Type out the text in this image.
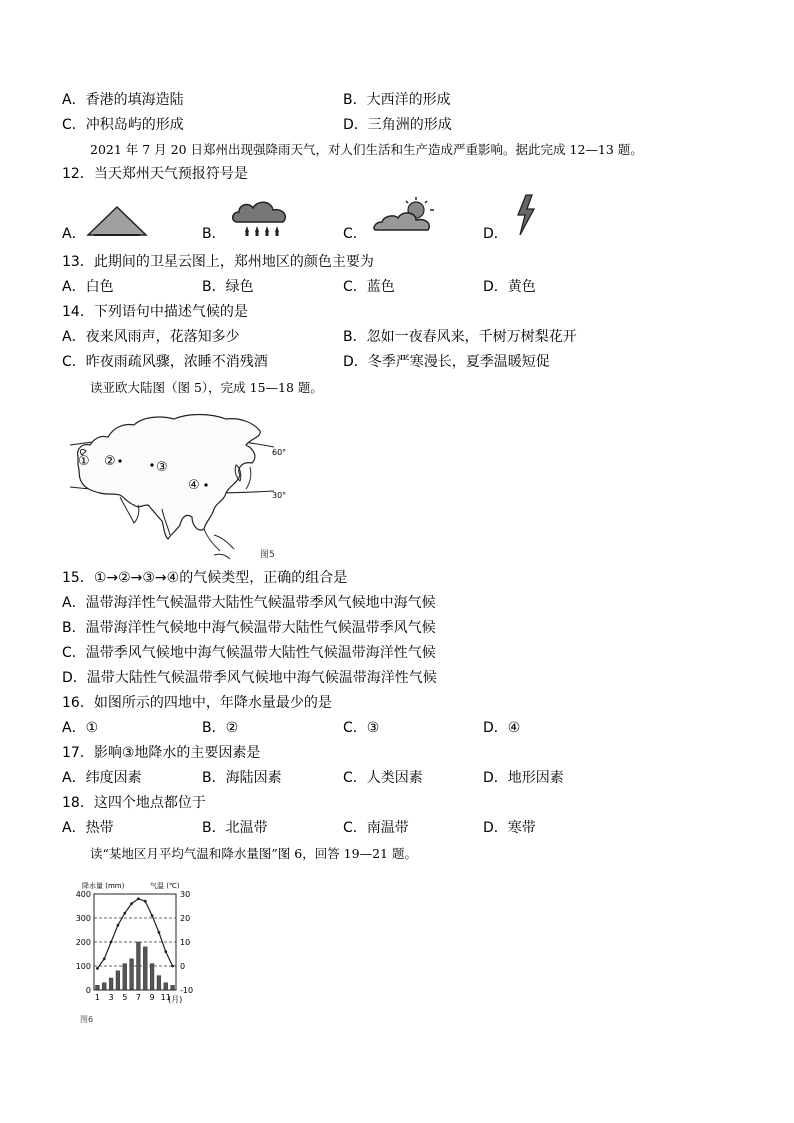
A．香港的填海造陆	B．大西洋的形成
C．冲积岛屿的形成	D．三角洲的形成
2021 年 7 月 20 日郑州出现强降雨天气，对人们生活和生产造成严重影响。据此完成 12—13 题。
12．当天郑州天气预报符号是
A．	B．	C．	D．
13．此期间的卫星云图上，郑州地区的颜色主要为
A．白色	B．绿色	C．蓝色	D．黄色
14．下列语句中描述气候的是
A．夜来风雨声，花落知多少	B．忽如一夜春风来，千树万树梨花开
C．昨夜雨疏风骤，浓睡不消残酒	D．冬季严寒漫长，夏季温暖短促
读亚欧大陆图（图 5），完成 15—18 题。
60°
30°
① ②	③
④
图5
15．①→②→③→④的气候类型，正确的组合是
A．温带海洋性气候温带大陆性气候温带季风气候地中海气候
B．温带海洋性气候地中海气候温带大陆性气候温带季风气候
C．温带季风气候地中海气候温带大陆性气候温带海洋性气候
D．温带大陆性气候温带季风气候地中海气候温带海洋性气候
16．如图所示的四地中，年降水量最少的是
A．①	B．②	C．③	D．④
17．影响③地降水的主要因素是
A．纬度因素	B．海陆因素	C．人类因素	D．地形因素
18．这四个地点都位于
A．热带	B．北温带	C．南温带	D．寒带
读“某地区月平均气温和降水量图”图 6，回答 19—21 题。
降水量 (mm)	气温 (℃)
400
300
200
100
0
30
20
10
0
-10
1 3 5 7 9 11
(月)
图6
